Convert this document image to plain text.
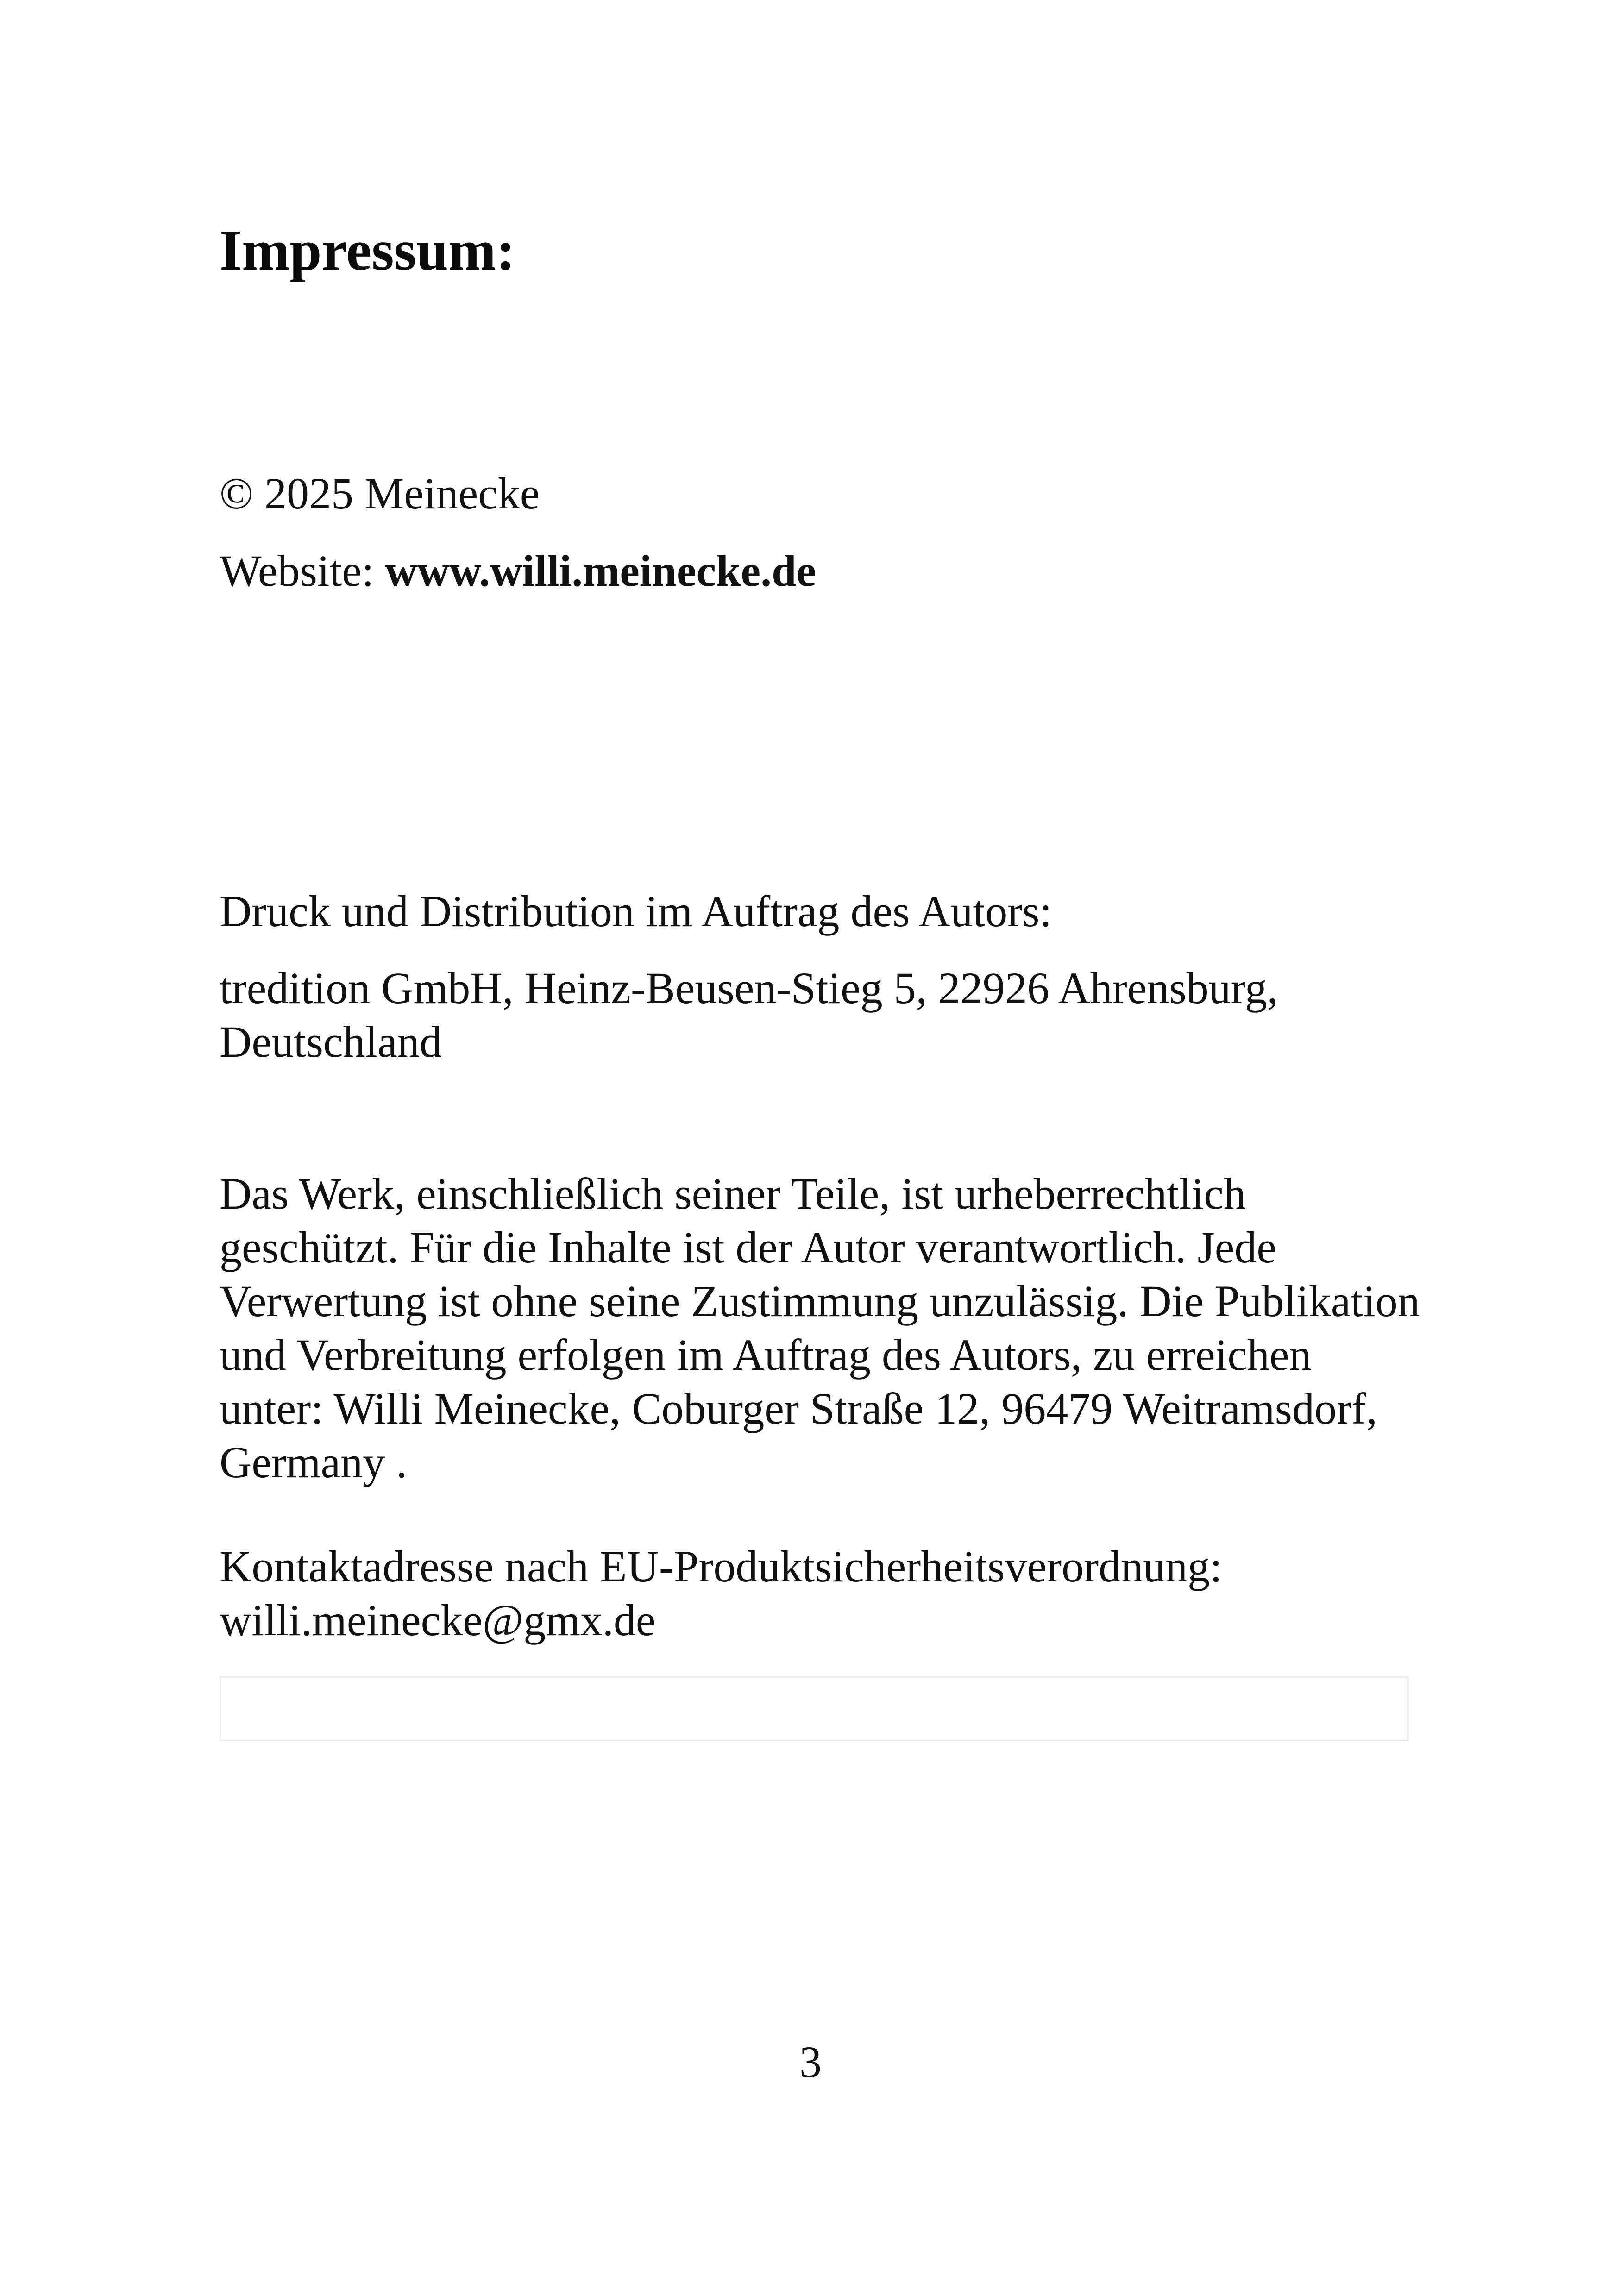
Impressum:

© 2025 Meinecke

Website: www.willi.meinecke.de

Druck und Distribution im Auftrag des Autors:

tredition GmbH, Heinz-Beusen-Stieg 5, 22926 Ahrensburg, Deutschland

Das Werk, einschließlich seiner Teile, ist urheberrechtlich geschützt. Für die Inhalte ist der Autor verantwortlich. Jede Verwertung ist ohne seine Zustimmung unzulässig. Die Publikation und Verbreitung erfolgen im Auftrag des Autors, zu erreichen unter: Willi Meinecke, Coburger Straße 12, 96479 Weitramsdorf, Germany .

Kontaktadresse nach EU-Produktsicherheitsverordnung:
willi.meinecke@gmx.de

3
